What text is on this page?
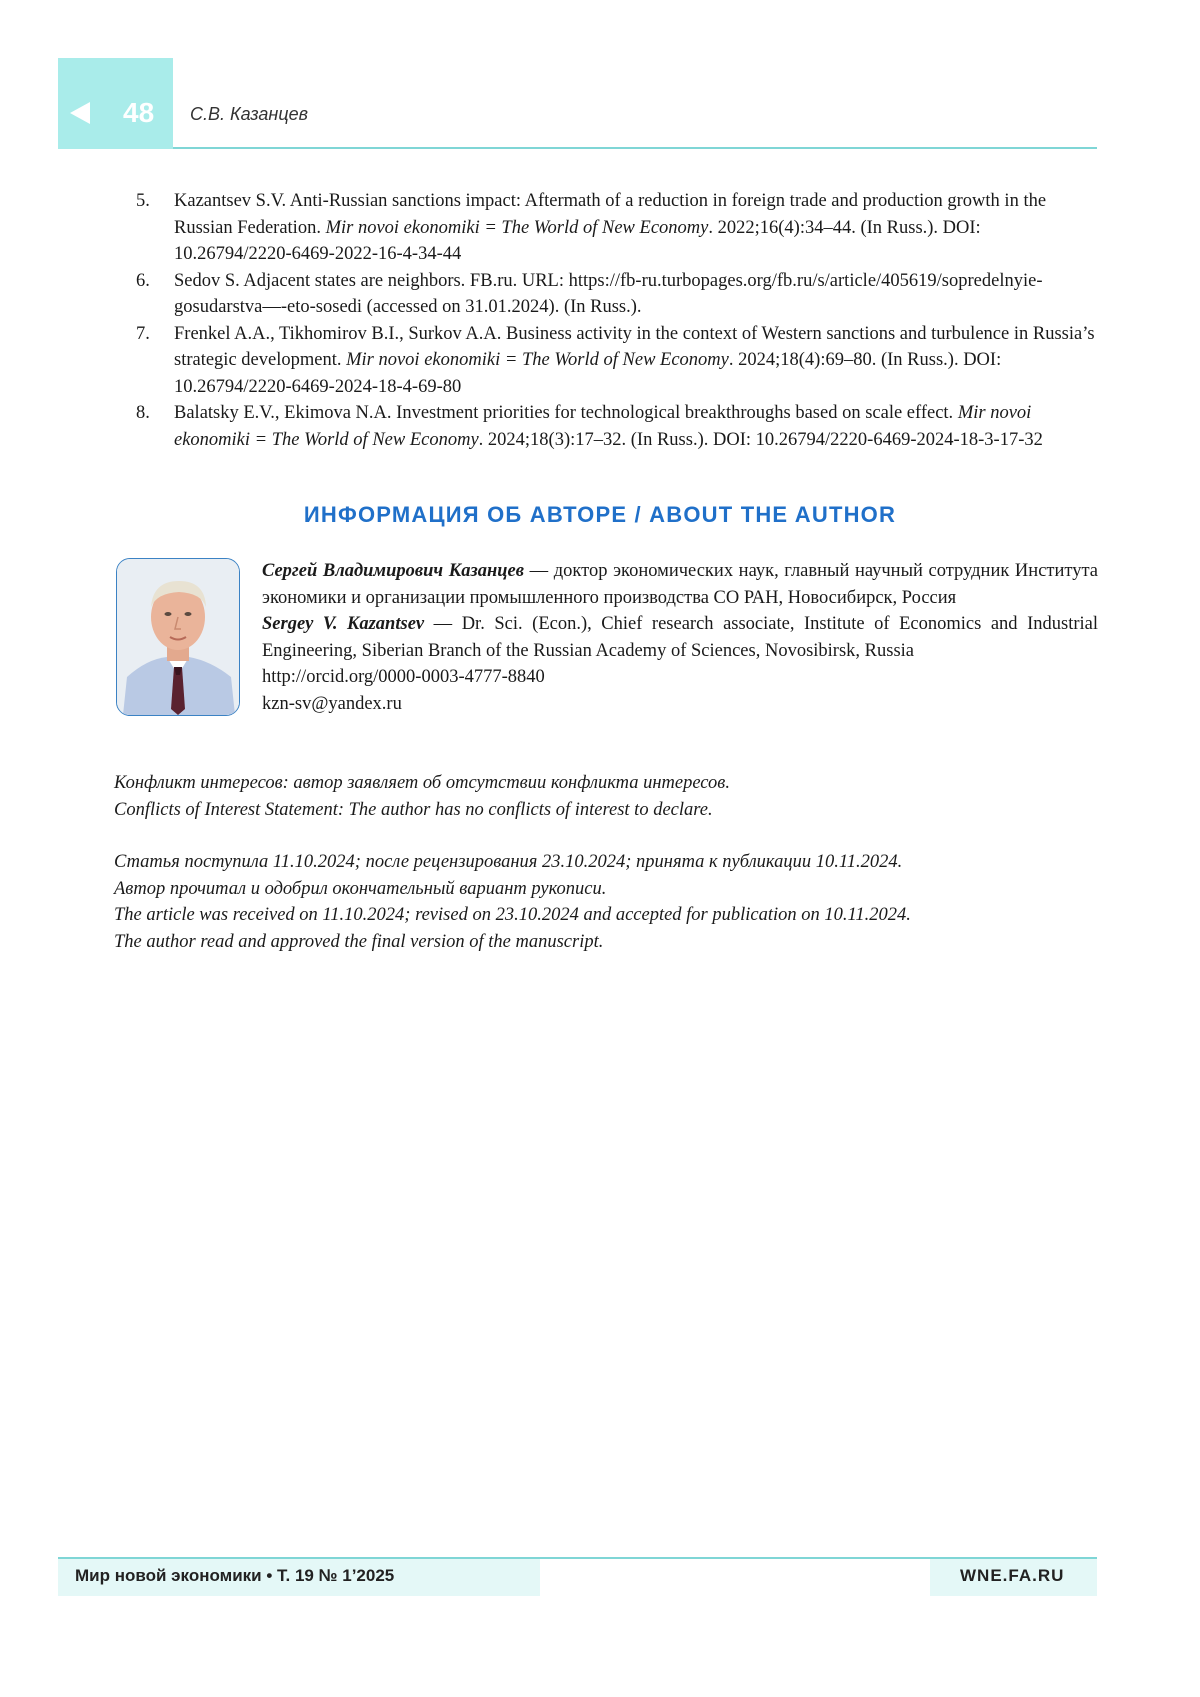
48 С.В. Казанцев
5. Kazantsev S.V. Anti-Russian sanctions impact: Aftermath of a reduction in foreign trade and production growth in the Russian Federation. Mir novoi ekonomiki = The World of New Economy. 2022;16(4):34–44. (In Russ.). DOI: 10.26794/2220-6469-2022-16-4-34-44
6. Sedov S. Adjacent states are neighbors. FB.ru. URL: https://fb-ru.turbopages.org/fb.ru/s/article/405619/sopredelnyie-gosudarstva—-eto-sosedi (accessed on 31.01.2024). (In Russ.).
7. Frenkel A.A., Tikhomirov B.I., Surkov A.A. Business activity in the context of Western sanctions and turbulence in Russia’s strategic development. Mir novoi ekonomiki = The World of New Economy. 2024;18(4):69–80. (In Russ.). DOI: 10.26794/2220-6469-2024-18-4-69-80
8. Balatsky E.V., Ekimova N.A. Investment priorities for technological breakthroughs based on scale effect. Mir novoi ekonomiki = The World of New Economy. 2024;18(3):17–32. (In Russ.). DOI: 10.26794/2220-6469-2024-18-3-17-32
ИНФОРМАЦИЯ ОБ АВТОРЕ / ABOUT THE AUTHOR

Сергей Владимирович Казанцев — доктор экономических наук, главный научный сотрудник Института экономики и организации промышленного производства СО РАН, Новосибирск, Россия

Sergey V. Kazantsev — Dr. Sci. (Econ.), Chief research associate, Institute of Economics and Industrial Engineering, Siberian Branch of the Russian Academy of Sciences, Novosibirsk, Russia

http://orcid.org/0000-0003-4777-8840

kzn-sv@yandex.ru

Конфликт интересов: автор заявляет об отсутствии конфликта интересов.

Conflicts of Interest Statement: The author has no conflicts of interest to declare.

Статья поступила 11.10.2024; после рецензирования 23.10.2024; принята к публикации 10.11.2024.

Автор прочитал и одобрил окончательный вариант рукописи.

The article was received on 11.10.2024; revised on 23.10.2024 and accepted for publication on 10.11.2024.

The author read and approved the final version of the manuscript.

Мир новой экономики • Т. 19 № 1’2025	WNE.FA.RU
